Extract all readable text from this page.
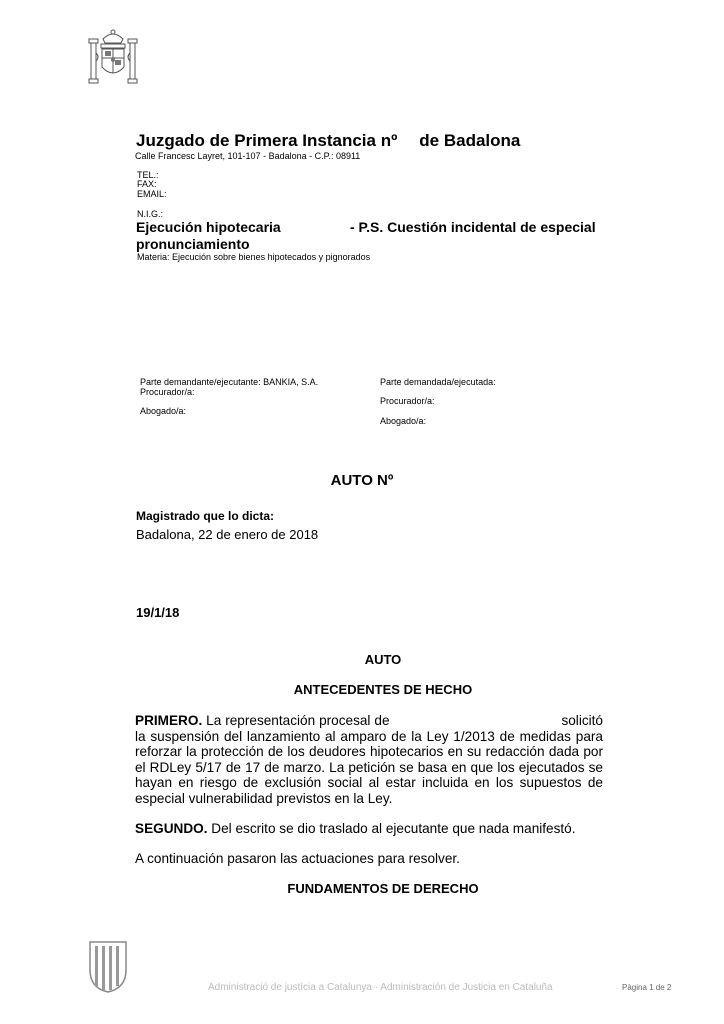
Juzgado de Primera Instancia nº de Badalona
Calle Francesc Layret, 101-107 - Badalona - C.P.: 08911
TEL.:
FAX:
EMAIL:
N.I.G.:
Ejecución hipotecaria	- P.S. Cuestión incidental de especial
pronunciamiento
Materia: Ejecución sobre bienes hipotecados y pignorados
Parte demandante/ejecutante: BANKIA, S.A.
Procurador/a:
Abogado/a:
Parte demandada/ejecutada:
Procurador/a:
Abogado/a:
AUTO Nº
Magistrado que lo dicta:
Badalona, 22 de enero de 2018
19/1/18
AUTO
ANTECEDENTES DE HECHO
PRIMERO. La representación procesal de	solicitó la suspensión del lanzamiento al amparo de la Ley 1/2013 de medidas para reforzar la protección de los deudores hipotecarios en su redacción dada por el RDLey 5/17 de 17 de marzo. La petición se basa en que los ejecutados se hayan en riesgo de exclusión social al estar incluida en los supuestos de especial vulnerabilidad previstos en la Ley.
SEGUNDO. Del escrito se dio traslado al ejecutante que nada manifestó.
A continuación pasaron las actuaciones para resolver.
FUNDAMENTOS DE DERECHO
Administració de justícia a Catalunya · Administración de Justicia en Cataluña	Pàgina 1 de 2
